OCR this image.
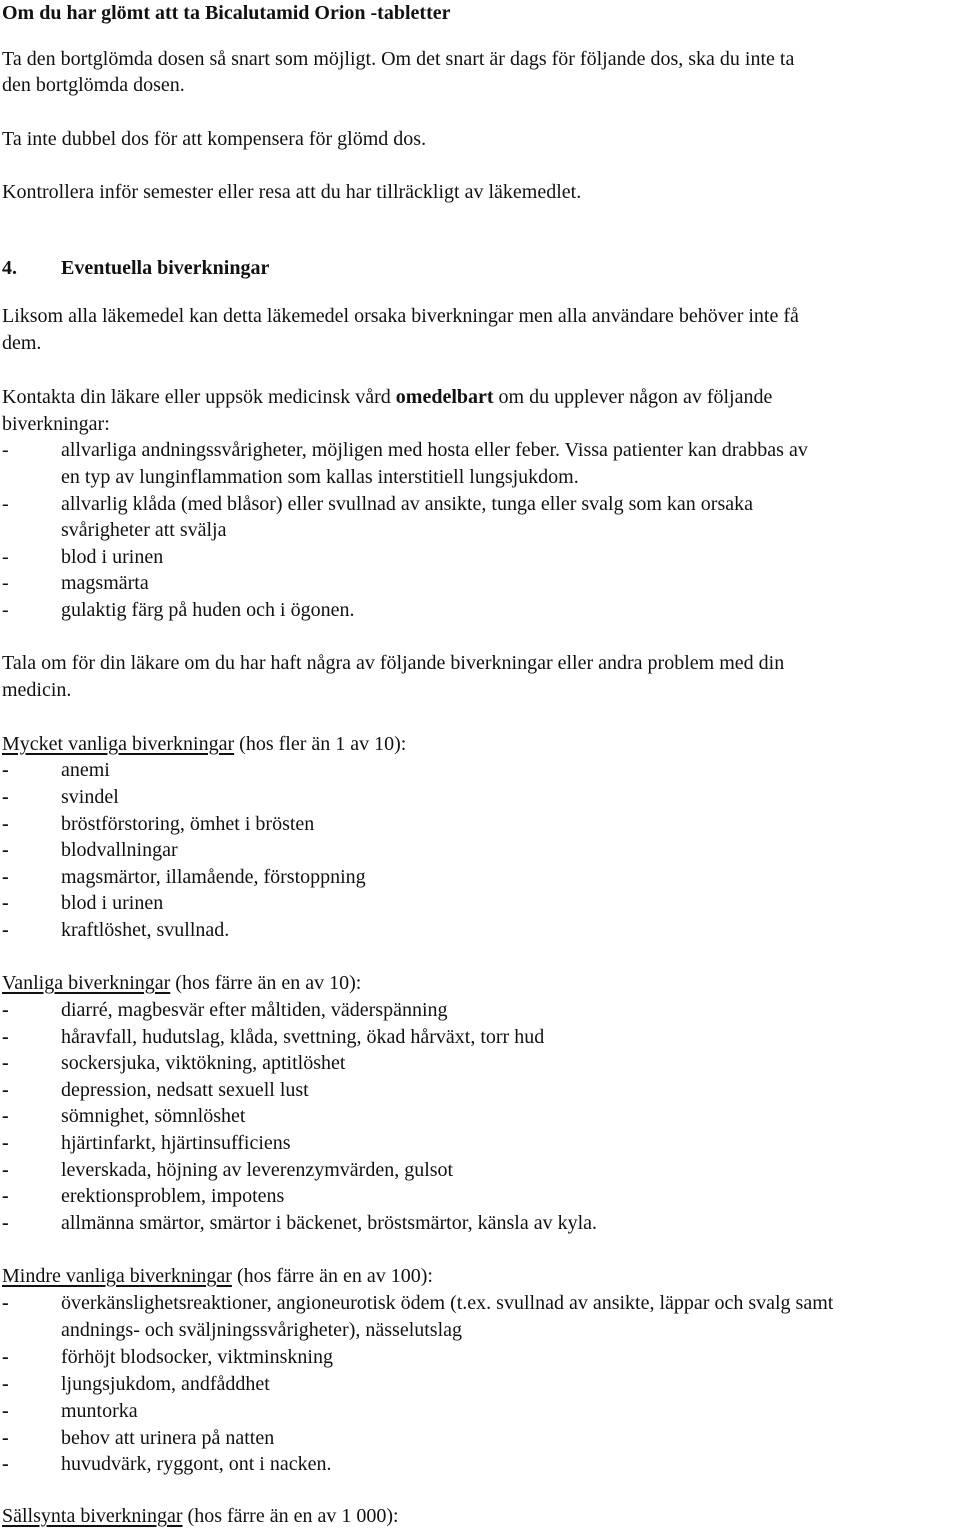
Om du har glömt att ta Bicalutamid Orion -tabletter
Ta den bortglömda dosen så snart som möjligt. Om det snart är dags för följande dos, ska du inte ta
den bortglömda dosen.
Ta inte dubbel dos för att kompensera för glömd dos.
Kontrollera inför semester eller resa att du har tillräckligt av läkemedlet.
4. Eventuella biverkningar
Liksom alla läkemedel kan detta läkemedel orsaka biverkningar men alla användare behöver inte få
dem.
Kontakta din läkare eller uppsök medicinsk vård omedelbart om du upplever någon av följande
biverkningar:
-	allvarliga andningssvårigheter, möjligen med hosta eller feber. Vissa patienter kan drabbas av
en typ av lunginflammation som kallas interstitiell lungsjukdom.
-	allvarlig klåda (med blåsor) eller svullnad av ansikte, tunga eller svalg som kan orsaka
svårigheter att svälja
-	blod i urinen
-	magsmärta
-	gulaktig färg på huden och i ögonen.
Tala om för din läkare om du har haft några av följande biverkningar eller andra problem med din
medicin.
Mycket vanliga biverkningar (hos fler än 1 av 10):
-	anemi
-	svindel
-	bröstförstoring, ömhet i brösten
-	blodvallningar
-	magsmärtor, illamående, förstoppning
-	blod i urinen
-	kraftlöshet, svullnad.
Vanliga biverkningar (hos färre än en av 10):
-	diarré, magbesvär efter måltiden, väderspänning
-	håravfall, hudutslag, klåda, svettning, ökad hårväxt, torr hud
-	sockersjuka, viktökning, aptitlöshet
-	depression, nedsatt sexuell lust
-	sömnighet, sömnlöshet
-	hjärtinfarkt, hjärtinsufficiens
-	leverskada, höjning av leverenzymvärden, gulsot
-	erektionsproblem, impotens
-	allmänna smärtor, smärtor i bäckenet, bröstsmärtor, känsla av kyla.
Mindre vanliga biverkningar (hos färre än en av 100):
-	överkänslighetsreaktioner, angioneurotisk ödem (t.ex. svullnad av ansikte, läppar och svalg samt
andnings- och sväljningssvårigheter), nässelutslag
-	förhöjt blodsocker, viktminskning
-	ljungsjukdom, andfåddhet
-	muntorka
-	behov att urinera på natten
-	huvudvärk, ryggont, ont i nacken.
Sällsynta biverkningar (hos färre än en av 1 000):
